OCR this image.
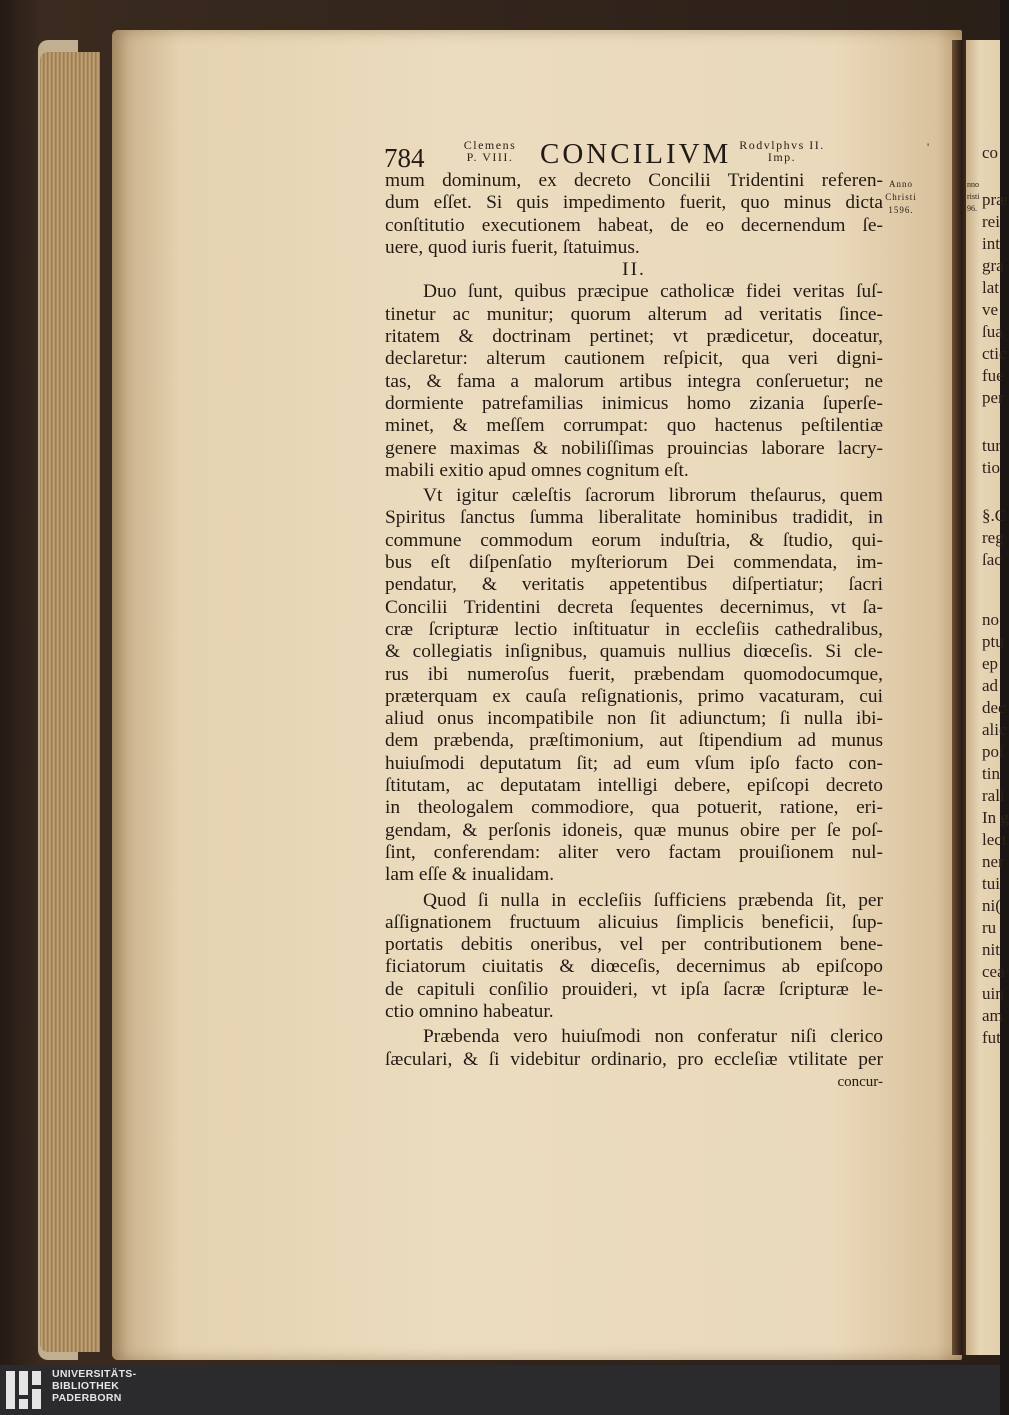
nno
risti
96.
co
præ
rei
int
gra
lat
ve
ſua
ctic
fue
per
tur
tio
§.C
reg
ſac
no
ptu
ep
ad
dec
alic
poſ
tin
rali
In g
lect
ner
tui
ni(
ru
nit
cea
uin
am
fut
784	Clemens
P. VIII. CONCILIVM Rodvlphvs II.
Imp.
Anno
Christi
1596.
'
mum dominum, ex decreto Concilii Tridentini referen-
dum eſſet. Si quis impedimento fuerit, quo minus dicta
conſtitutio executionem habeat, de eo decernendum ſe-
uere, quod iuris fuerit, ſtatuimus.
II.
Duo ſunt, quibus præcipue catholicæ fidei veritas ſuſ-
tinetur ac munitur; quorum alterum ad veritatis ſince-
ritatem & doctrinam pertinet; vt prædicetur, doceatur,
declaretur: alterum cautionem reſpicit, qua veri digni-
tas, & fama a malorum artibus integra conſeruetur; ne
dormiente patrefamilias inimicus homo zizania ſuperſe-
minet, & meſſem corrumpat: quo hactenus peſtilentiæ
genere maximas & nobiliſſimas prouincias laborare lacry-
mabili exitio apud omnes cognitum eſt.
Vt igitur cæleſtis ſacrorum librorum theſaurus, quem
Spiritus ſanctus ſumma liberalitate hominibus tradidit, in
commune commodum eorum induſtria, & ſtudio, qui-
bus eſt diſpenſatio myſteriorum Dei commendata, im-
pendatur, & veritatis appetentibus diſpertiatur; ſacri
Concilii Tridentini decreta ſequentes decernimus, vt ſa-
cræ ſcripturæ lectio inſtituatur in eccleſiis cathedralibus,
& collegiatis inſignibus, quamuis nullius diœceſis. Si cle-
rus ibi numeroſus fuerit, præbendam quomodocumque,
præterquam ex cauſa reſignationis, primo vacaturam, cui
aliud onus incompatibile non ſit adiunctum; ſi nulla ibi-
dem præbenda, præſtimonium, aut ſtipendium ad munus
huiuſmodi deputatum ſit; ad eum vſum ipſo facto con-
ſtitutam, ac deputatam intelligi debere, epiſcopi decreto
in theologalem commodiore, qua potuerit, ratione, eri-
gendam, & perſonis idoneis, quæ munus obire per ſe poſ-
ſint, conferendam: aliter vero factam prouiſionem nul-
lam eſſe & inualidam.
Quod ſi nulla in eccleſiis ſufficiens præbenda ſit, per
aſſignationem fructuum alicuius ſimplicis beneficii, ſup-
portatis debitis oneribus, vel per contributionem bene-
ficiatorum ciuitatis & diœceſis, decernimus ab epiſcopo
de capituli conſilio prouideri, vt ipſa ſacræ ſcripturæ le-
ctio omnino habeatur.
Præbenda vero huiuſmodi non conferatur niſi clerico
ſæculari, & ſi videbitur ordinario, pro eccleſiæ vtilitate per
concur-
UNIVERSITÄTS-
BIBLIOTHEK
PADERBORN
